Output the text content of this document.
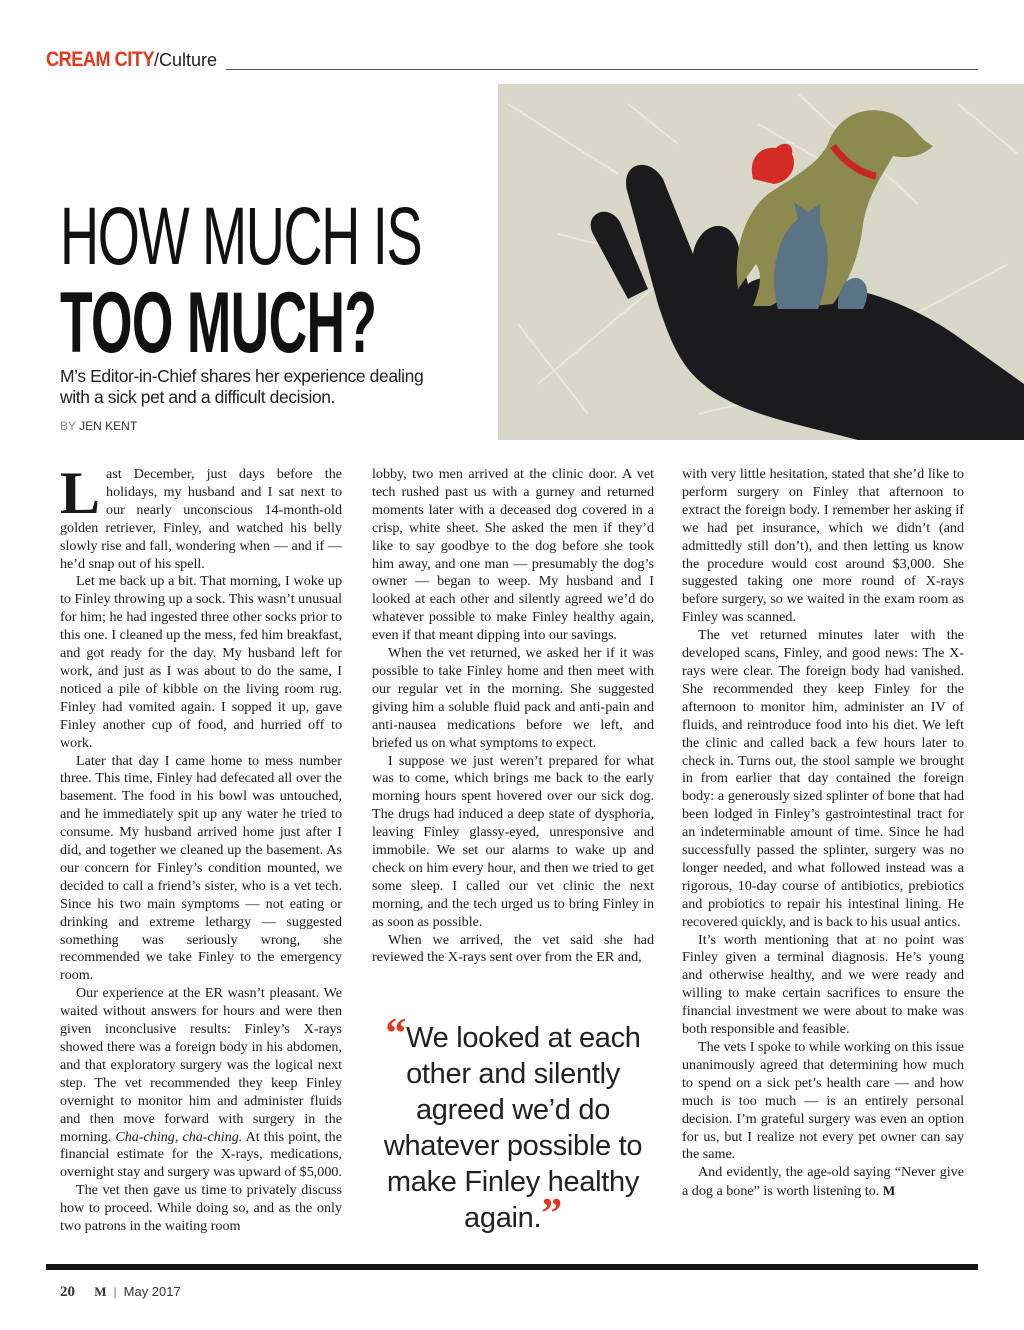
CREAM CITY /Culture
HOW MUCH IS
TOO MUCH?
M’s Editor-in-Chief shares her experience dealing with a sick pet and a difficult decision.
BY JEN KENT

Last December, just days before the holidays, my husband and I sat next to our nearly unconscious 14-month-old golden retriever, Finley, and watched his belly slowly rise and fall, wondering when — and if — he’d snap out of his spell.

Let me back up a bit. That morning, I woke up to Finley throwing up a sock. This wasn’t unusual for him; he had ingested three other socks prior to this one. I cleaned up the mess, fed him breakfast, and got ready for the day. My husband left for work, and just as I was about to do the same, I noticed a pile of kibble on the living room rug. Finley had vomited again. I sopped it up, gave Finley another cup of food, and hurried off to work.

Later that day I came home to mess number three. This time, Finley had defecated all over the basement. The food in his bowl was untouched, and he immediately spit up any water he tried to consume. My husband arrived home just after I did, and together we cleaned up the basement. As our concern for Finley’s condition mounted, we decided to call a friend’s sister, who is a vet tech. Since his two main symptoms — not eating or drinking and extreme lethargy — suggested something was seriously wrong, she recommended we take Finley to the emergency room.

Our experience at the ER wasn’t pleasant. We waited without answers for hours and were then given inconclusive results: Finley’s X-rays showed there was a foreign body in his abdomen, and that exploratory surgery was the logical next step. The vet recommended they keep Finley overnight to monitor him and administer fluids and then move forward with surgery in the morning. Cha-ching, cha-ching. At this point, the financial estimate for the X-rays, medications, overnight stay and surgery was upward of $5,000.

The vet then gave us time to privately discuss how to proceed. While doing so, and as the only two patrons in the waiting room

lobby, two men arrived at the clinic door. A vet tech rushed past us with a gurney and returned moments later with a deceased dog covered in a crisp, white sheet. She asked the men if they’d like to say goodbye to the dog before she took him away, and one man — presumably the dog’s owner — began to weep. My husband and I looked at each other and silently agreed we’d do whatever possible to make Finley healthy again, even if that meant dipping into our savings.

When the vet returned, we asked her if it was possible to take Finley home and then meet with our regular vet in the morning. She suggested giving him a soluble fluid pack and anti-pain and anti-nausea medications before we left, and briefed us on what symptoms to expect.

I suppose we just weren’t prepared for what was to come, which brings me back to the early morning hours spent hovered over our sick dog. The drugs had induced a deep state of dysphoria, leaving Finley glassy-eyed, unresponsive and immobile. We set our alarms to wake up and check on him every hour, and then we tried to get some sleep. I called our vet clinic the next morning, and the tech urged us to bring Finley in as soon as possible.

When we arrived, the vet said she had reviewed the X-rays sent over from the ER and,

“We looked at each other and silently agreed we’d do whatever possible to make Finley healthy again.”

with very little hesitation, stated that she’d like to perform surgery on Finley that afternoon to extract the foreign body. I remember her asking if we had pet insurance, which we didn’t (and admittedly still don’t), and then letting us know the procedure would cost around $3,000. She suggested taking one more round of X-rays before surgery, so we waited in the exam room as Finley was scanned.

The vet returned minutes later with the developed scans, Finley, and good news: The X-rays were clear. The foreign body had vanished. She recommended they keep Finley for the afternoon to monitor him, administer an IV of fluids, and reintroduce food into his diet. We left the clinic and called back a few hours later to check in. Turns out, the stool sample we brought in from earlier that day contained the foreign body: a generously sized splinter of bone that had been lodged in Finley’s gastrointestinal tract for an indeterminable amount of time. Since he had successfully passed the splinter, surgery was no longer needed, and what followed instead was a rigorous, 10-day course of antibiotics, prebiotics and probiotics to repair his intestinal lining. He recovered quickly, and is back to his usual antics.

It’s worth mentioning that at no point was Finley given a terminal diagnosis. He’s young and otherwise healthy, and we were ready and willing to make certain sacrifices to ensure the financial investment we were about to make was both responsible and feasible.

The vets I spoke to while working on this issue unanimously agreed that determining how much to spend on a sick pet’s health care — and how much is too much — is an entirely personal decision. I’m grateful surgery was even an option for us, but I realize not every pet owner can say the same.

And evidently, the age-old saying “Never give a dog a bone” is worth listening to. M

20 M | May 2017
